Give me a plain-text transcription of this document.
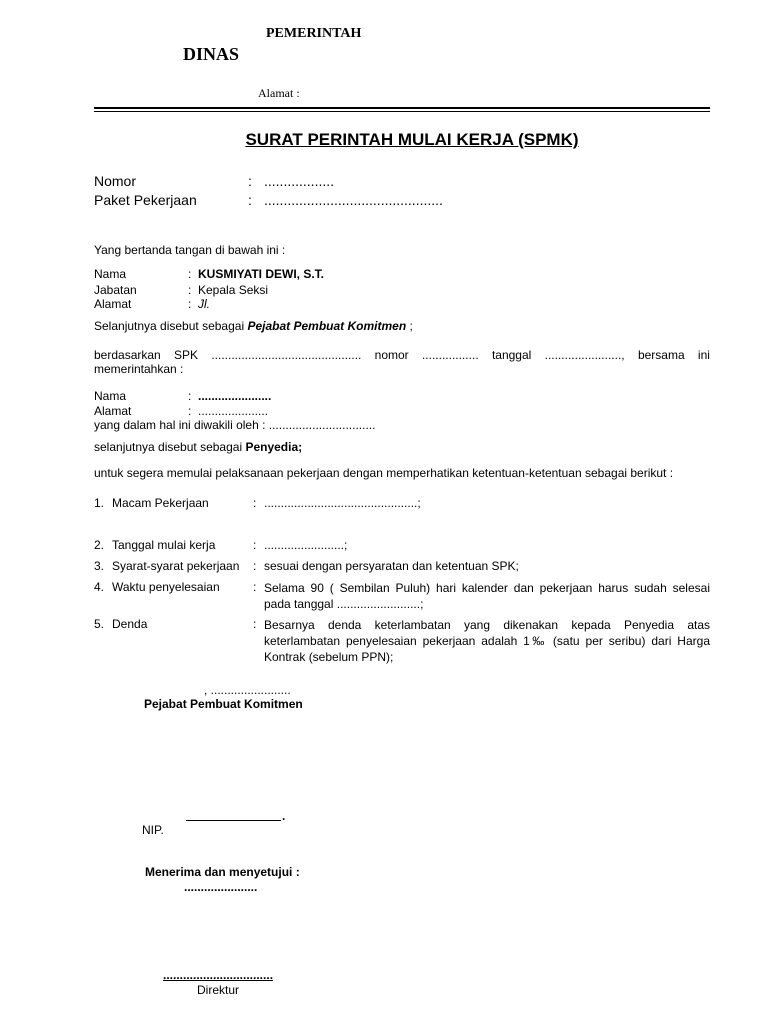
PEMERINTAH
DINAS
Alamat :
SURAT PERINTAH MULAI KERJA (SPMK)
Nomor	: ..................
Paket Pekerjaan	: ..............................................
Yang bertanda tangan di bawah ini :
Nama	: KUSMIYATI DEWI, S.T.
Jabatan	: Kepala Seksi
Alamat	: Jl.
Selanjutnya disebut sebagai Pejabat Pembuat Komitmen ;
berdasarkan SPK ............................................. nomor ................. tanggal ......................., bersama ini
memerintahkan :
Nama	: ......................
Alamat	: .....................
yang dalam hal ini diwakili oleh : ................................
selanjutnya disebut sebagai Penyedia;
untuk segera memulai pelaksanaan pekerjaan dengan memperhatikan ketentuan-ketentuan sebagai berikut :
1. Macam Pekerjaan	: ..............................................;
2. Tanggal mulai kerja	: ........................;
3. Syarat-syarat pekerjaan : sesuai dengan persyaratan dan ketentuan SPK;
4. Waktu penyelesaian	: Selama 90 ( Sembilan Puluh) hari kalender dan pekerjaan harus sudah selesai pada tanggal .........................;
5. Denda	: Besarnya denda keterlambatan yang dikenakan kepada Penyedia atas keterlambatan penyelesaian pekerjaan adalah 1‰ (satu per seribu) dari Harga Kontrak (sebelum PPN);
, ........................
Pejabat Pembuat Komitmen
.
NIP.
Menerima dan menyetujui :
......................
.................................
Direktur
